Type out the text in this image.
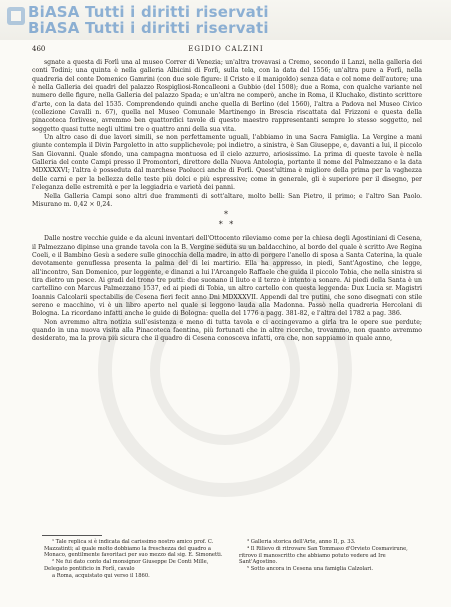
BiASA Tutti i diritti riservati
BiASA Tutti i diritti riservati
460	EGIDIO CALZINI

sgnate a questa di Forlì una al museo Correr di Venezia; un'altra trovavasi a Cremo, secondo il Lanzi, nella galleria dei conti Todini; una quinta è nella galleria Albicini di Forlì, sulla tela, con la data del 1556; un'altra pure a Forlì, nella quadreria del conte Domenico Gamrini (con due sole figure: il Cristo e il manigoldo) senza data e col nome dell'autore; una è nella Galleria dei quadri del palazzo Rospigliosi-Roncalleoni a Gubbio (del 1508); due a Roma, con qualche variante nel numero delle figure, nella Galleria del palazzo Spada; e un'altra ne comperò, anche in Roma, il Kluchako, distinto scrittore d'arte, con la data del 1535. Comprendendo quindi anche quella di Berlino (del 1560), l'altra a Padova nel Museo Civico (collezione Cavalli n. 67), quella nel Museo Comunale Martinengo in Brescia riscattata dal Frizzoni e questa della pinacoteca forlivese, avremmo ben quattordici tavole di questo maestro rappresentanti sempre lo stesso soggetto, nel soggetto quasi tutte negli ultimi tre o quattro anni della sua vita.

Un altro caso di due lavori simili, se non perfettamente uguali, l'abbiamo in una Sacra Famiglia. La Vergine a mani giunte contempla il Divin Pargoletto in atto supplichevole; poi indietro, a sinistra, è San Giuseppe, e, davanti a lui, il piccolo San Giovanni. Quale sfondo, una campagna montuosa ed il cielo azzurro, ariosissimo. La prima di queste tavole è nella Galleria del conte Campi presso il Promontori, direttore della Nuova Antologia, portante il nome del Palmezzano e la data MDXXXXVI; l'altra è posseduta dal marchese Paolucci anche di Forlì. Quest'ultima è migliore della prima per la vaghezza delle carni e per la bellezza delle teste più dolci e più espressive; come in generale, gli è superiore per il disegno, per l'eleganza delle estremità e per la leggiadria e varietà dei panni.

Nella Galleria Campi sono altri due frammenti di sott'altare, molto belli: San Pietro, il primo; e l'altro San Paolo. Misurano m. 0,42 × 0,24.

*
* *

Dalle nostre vecchie guide e da alcuni inventari dell'Ottocento rileviamo come per la chiesa degli Agostiniani di Cesena, il Palmezzano dipinse una grande tavola con la B. Vergine seduta su un baldacchino, al bordo del quale è scritto Ave Regina Coeli, e il Bambino Gesù a sedere sulle ginocchia della madre, in atto di porgere l'anello di sposa a Santa Caterina, la quale devotamente genuflessa presenta la palma del di lei martirio. Ella ha appresso, in piedi, Sant'Agostino, che legge, all'incontro, San Domenico, pur leggente, e dinanzi a lui l'Arcangelo Raffaele che guida il piccolo Tobia, che nella sinistra si tira dietro un pesce. Ai gradi del trono tre putti: due suonano il liuto e il terzo è intento a sonare. Ai piedi della Santa è un cartellino con Marcus Palmezzano 1537, ed ai piedi di Tobia, un altro cartello con questa leggenda: Dux Lucia sr. Magistri Ioannis Calcolarii spectabilis de Cesena fieri fecit anno Dni MDXXXVII. Appendi dal tre putini, che sono disegnati con stile sereno e macchino, vi è un libro aperto nel quale si leggono lauda alla Madonna. Passò nella quadreria Hercolani di Bologna. La ricordano infatti anche le guide di Bologna: quella del 1776 a pagg. 381-82, e l'altra del 1782 a pag. 386.

Non avremmo altra notizia sull'esistenza e meno di tutta tavola e ci accingevamo a girla tra le opere sue perdute; quando in una nuova visita alla Pinacoteca faentina, più fortunati che in altre ricerche, trovammo, non quanto avremmo desiderato, ma la prova più sicura che il quadro di Cesena conosceva infatti, ora che, non sappiamo in quale anno,

¹ Tale replica si è indicata dal carissimo nostro amico prof. C. Mazzatinti; al quale molto dobbiamo la freschezza del quadro a Monaco, gentilmente favoritaci per suo mezzo dal sig. E. Simonetti.

² Ne fui dato conto dal monsignor Giuseppe De Conti Mille, Delegato pontificio in Forlì, cavalo

a Roma, acquistato qui verso il 1860.

³ Galleria storica dell'Arte, anno II, p. 33.

⁴ Il Rilievo di ritrovare San Tommaso d'Orvieto Cosmavirune, ritrovo il manoscritto che abbiamo potuto vedere ad Ire Sant'Agostino.

⁵ Sotto ancora in Cesena una famiglia Calzolari.
